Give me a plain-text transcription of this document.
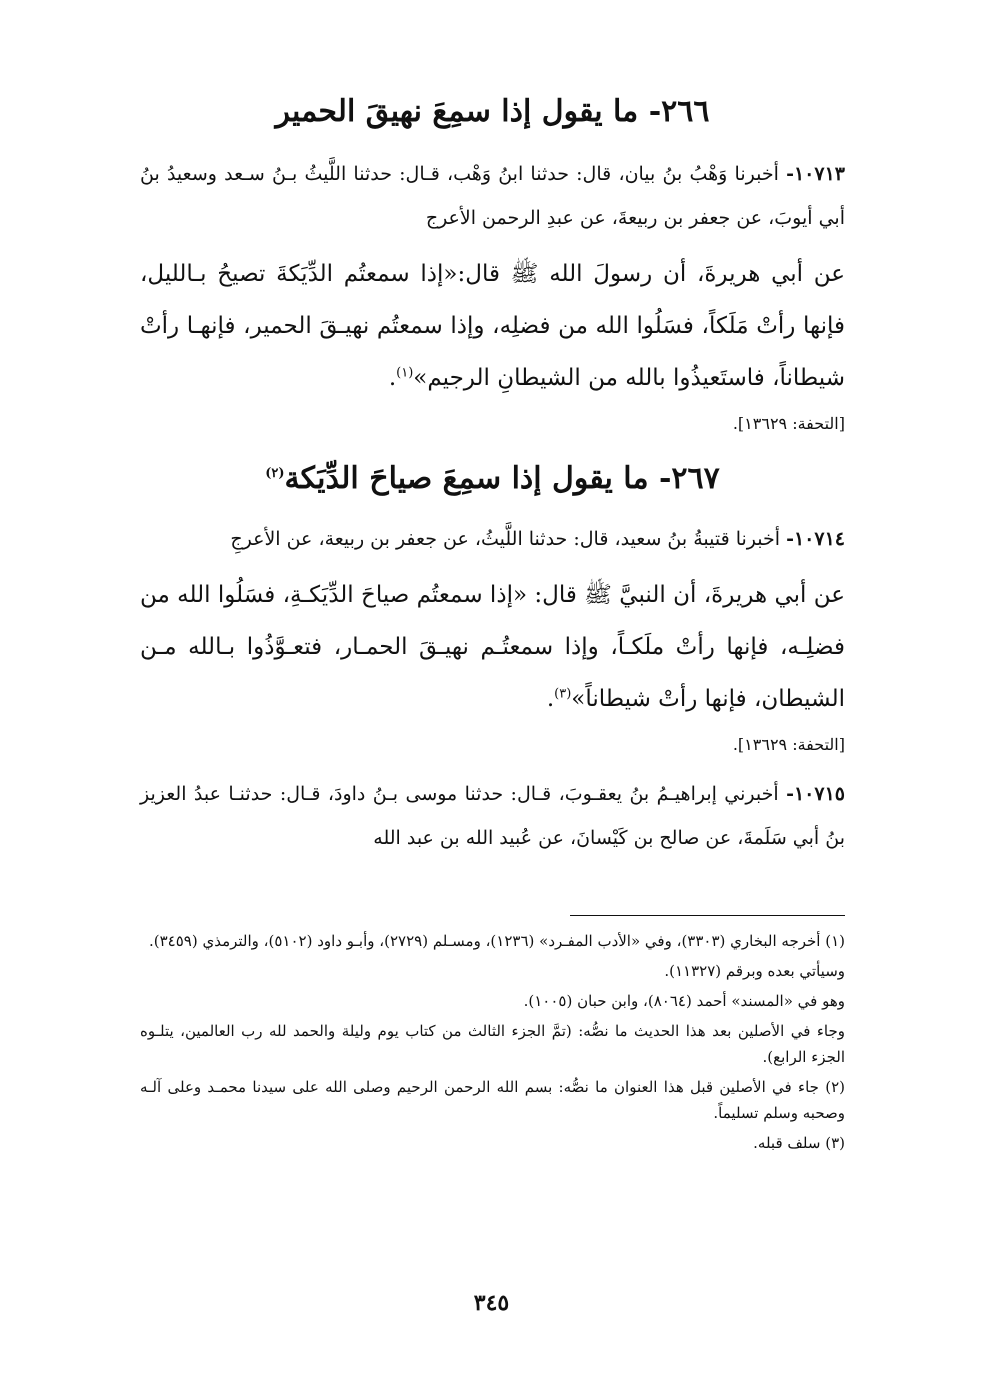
٢٦٦- ما يقول إذا سمِعَ نهيقَ الحمير

١٠٧١٣- أخبرنا وَهْبُ بنُ بيان، قال: حدثنا ابنُ وَهْب، قـال: حدثنا اللَّيثُ بـنُ سـعد وسعيدُ بنُ أبي أيوبَ، عن جعفر بن ربيعةَ، عن عبدِ الرحمن الأعرج

عن أبي هريرةَ، أن رسولَ الله ﷺ قال:«إذا سمعتُم الدِّيَكةَ تصيحُ بـالليل، فإنها رأتْ مَلَكاً، فسَلُوا الله من فضلِه، وإذا سمعتُم نهيـقَ الحمير، فإنهـا رأتْ شيطاناً، فاستَعيذُوا بالله من الشيطانِ الرجيم»$^{(١)}$.

[التحفة: ١٣٦٢٩].

٢٦٧- ما يقول إذا سمِعَ صياحَ الدِّيَكة$^{(٢)}$

١٠٧١٤- أخبرنا قتيبةُ بنُ سعيد، قال: حدثنا اللَّيثُ، عن جعفر بن ربيعة، عن الأعرجِ

عن أبي هريرةَ، أن النبيَّ ﷺ قال: «إذا سمعتُم صياحَ الدِّيَكـةِ، فسَلُوا الله من فضلِـه، فإنها رأتْ ملَكـاً، وإذا سمعتُـم نهيـقَ الحمـار، فتعـوَّذُوا بـالله مـن الشيطان، فإنها رأتْ شيطاناً»$^{(٣)}$.

[التحفة: ١٣٦٢٩].

١٠٧١٥- أخبرني إبراهيـمُ بنُ يعقـوبَ، قـال: حدثنا موسى بـنُ داودَ، قـال: حدثنـا عبدُ العزيز بنُ أبي سَلَمةَ، عن صالح بن كَيْسانَ، عن عُبيد الله بن عبد الله

(١) أخرجه البخاري (٣٣٠٣)، وفي «الأدب المفـرد» (١٢٣٦)، ومسـلم (٢٧٢٩)، وأبـو داود (٥١٠٢)، والترمذي (٣٤٥٩).

وسيأتي بعده وبرقم (١١٣٢٧).

وهو في «المسند» أحمد (٨٠٦٤)، وابن حبان (١٠٠٥).

وجاء في الأصلين بعد هذا الحديث ما نصُّه: (تمَّ الجزء الثالث من كتاب يوم وليلة والحمد لله رب العالمين، يتلـوه الجزء الرابع).

(٢) جاء في الأصلين قبل هذا العنوان ما نصُّه: بسم الله الرحمن الرحيم وصلى الله على سيدنا محمـد وعلى آلـه وصحبه وسلم تسليماً.

(٣) سلف قبله.

٣٤٥
